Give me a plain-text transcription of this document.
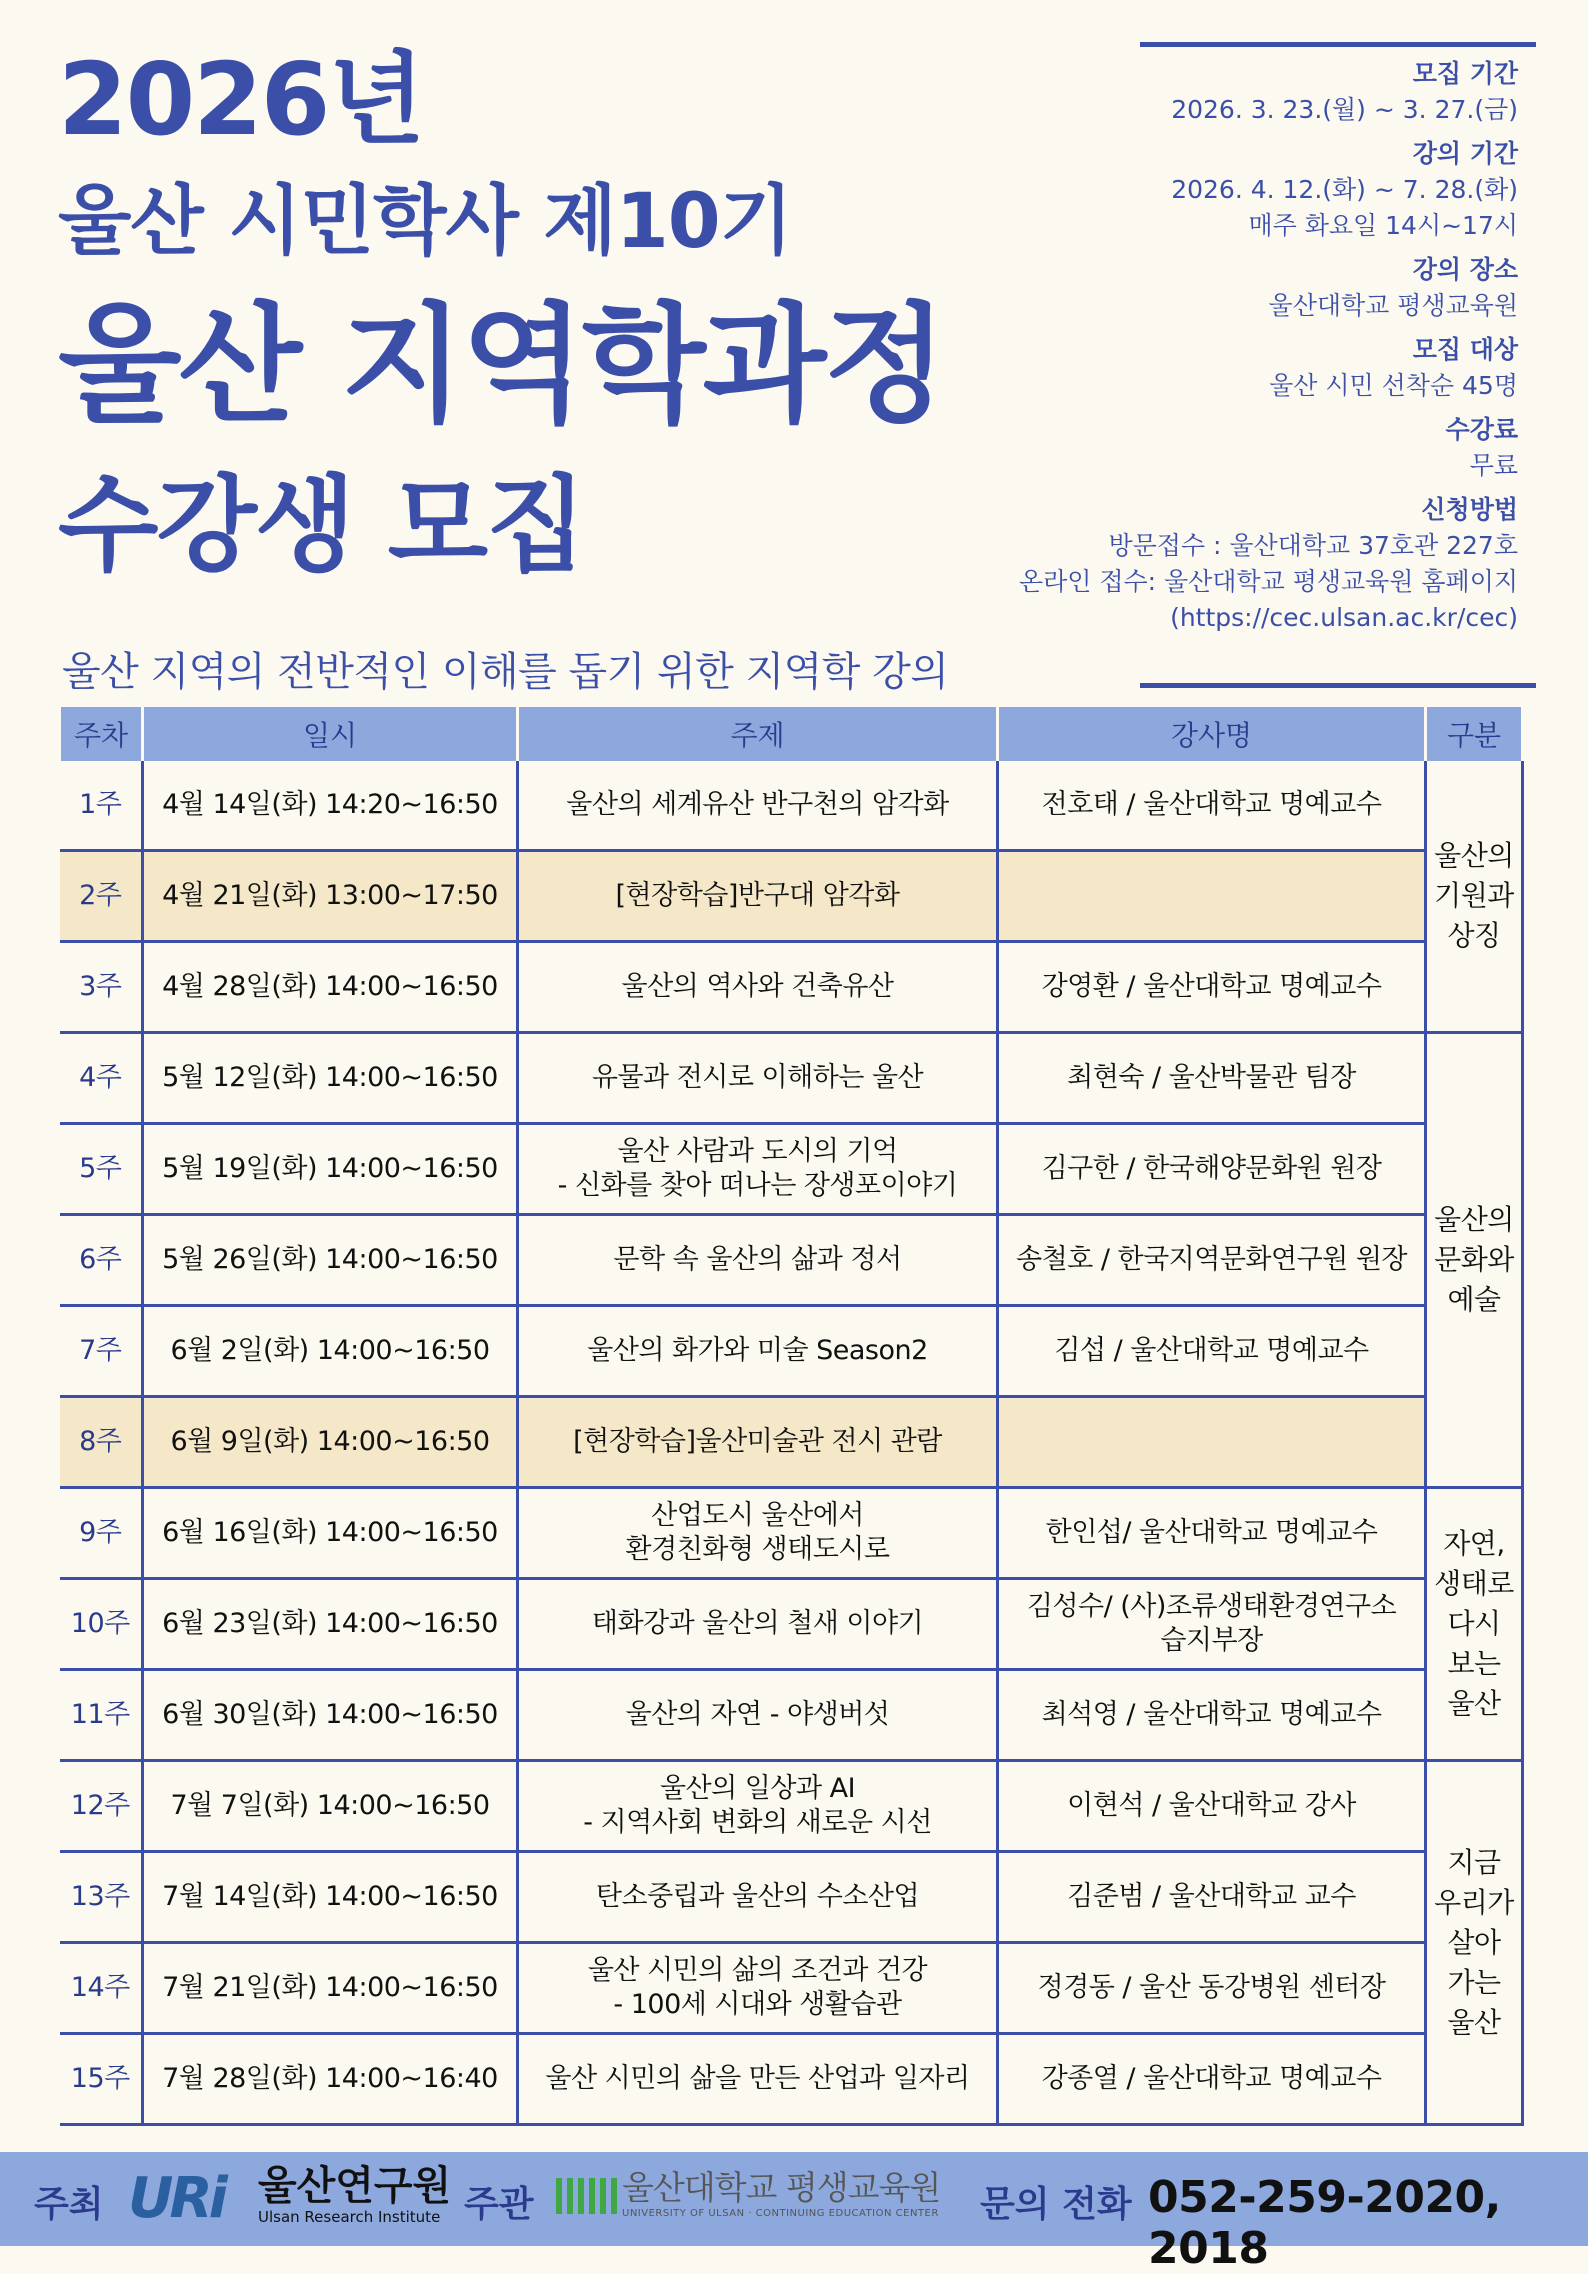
2026년
울산 시민학사 제10기
울산 지역학과정
수강생 모집
울산 지역의 전반적인 이해를 돕기 위한 지역학 강의
모집 기간
2026. 3. 23.(월) ~ 3. 27.(금)
강의 기간
2026. 4. 12.(화) ~ 7. 28.(화)
매주 화요일 14시~17시
강의 장소
울산대학교 평생교육원
모집 대상
울산 시민 선착순 45명
수강료
무료
신청방법
방문접수 : 울산대학교 37호관 227호
온라인 접수: 울산대학교 평생교육원 홈페이지
(https://cec.ulsan.ac.kr/cec)
주차	일시	주제	강사명	구분
1주	4월 14일(화) 14:20~16:50	울산의 세계유산 반구천의 암각화	전호태 / 울산대학교 명예교수	울산의
기원과
상징
2주	4월 21일(화) 13:00~17:50	[현장학습]반구대 암각화		
3주	4월 28일(화) 14:00~16:50	울산의 역사와 건축유산	강영환 / 울산대학교 명예교수	
4주	5월 12일(화) 14:00~16:50	유물과 전시로 이해하는 울산	최현숙 / 울산박물관 팀장	울산의
문화와
예술
5주	5월 19일(화) 14:00~16:50	울산 사람과 도시의 기억
- 신화를 찾아 떠나는 장생포이야기	김구한 / 한국해양문화원 원장	
6주	5월 26일(화) 14:00~16:50	문학 속 울산의 삶과 정서	송철호 / 한국지역문화연구원 원장	
7주	6월 2일(화) 14:00~16:50	울산의 화가와 미술 Season2	김섭 / 울산대학교 명예교수	
8주	6월 9일(화) 14:00~16:50	[현장학습]울산미술관 전시 관람		
9주	6월 16일(화) 14:00~16:50	산업도시 울산에서
환경친화형 생태도시로	한인섭/ 울산대학교 명예교수	자연,
생태로
다시
보는
울산
10주	6월 23일(화) 14:00~16:50	태화강과 울산의 철새 이야기	김성수/ (사)조류생태환경연구소
습지부장	
11주	6월 30일(화) 14:00~16:50	울산의 자연 - 야생버섯	최석영 / 울산대학교 명예교수	
12주	7월 7일(화) 14:00~16:50	울산의 일상과 AI
- 지역사회 변화의 새로운 시선	이현석 / 울산대학교 강사	지금
우리가
살아
가는
울산
13주	7월 14일(화) 14:00~16:50	탄소중립과 울산의 수소산업	김준범 / 울산대학교 교수	
14주	7월 21일(화) 14:00~16:50	울산 시민의 삶의 조건과 건강
- 100세 시대와 생활습관	정경동 / 울산 동강병원 센터장	
15주	7월 28일(화) 14:00~16:40	울산 시민의 삶을 만든 산업과 일자리	강종열 / 울산대학교 명예교수	
주최 URi 울산연구원
Ulsan Research Institute 주관	울산대학교 평생교육원
UNIVERSITY OF ULSAN · CONTINUING EDUCATION CENTER 문의 전화 052-259-2020, 2018
